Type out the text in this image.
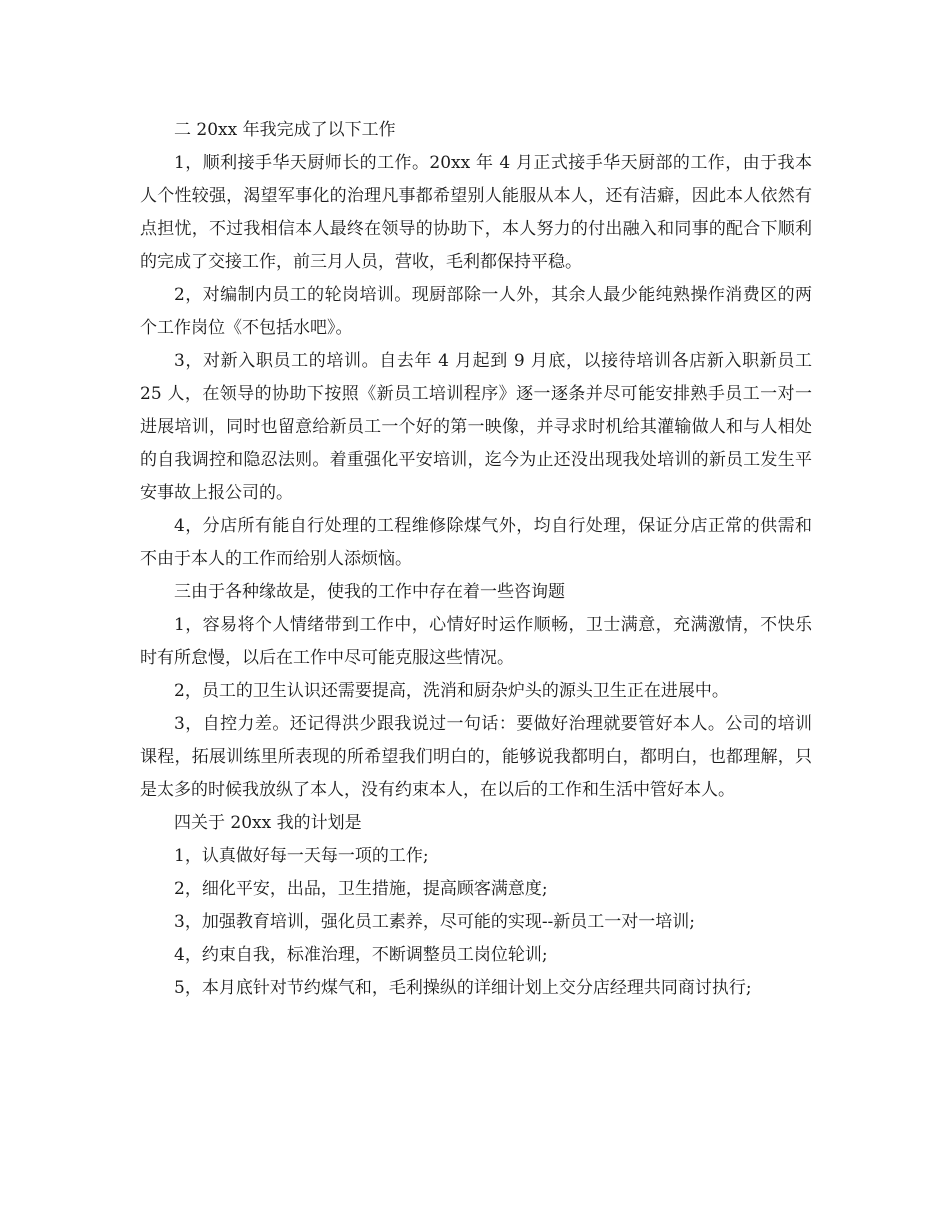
二 20xx 年我完成了以下工作

1，顺利接手华天厨师长的工作。20xx 年 4 月正式接手华天厨部的工作，由于我本人个性较强，渴望军事化的治理凡事都希望别人能服从本人，还有洁癖，因此本人依然有点担忧，不过我相信本人最终在领导的协助下，本人努力的付出融入和同事的配合下顺利的完成了交接工作，前三月人员，营收，毛利都保持平稳。

2，对编制内员工的轮岗培训。现厨部除一人外，其余人最少能纯熟操作消费区的两个工作岗位《不包括水吧》。

3，对新入职员工的培训。自去年 4 月起到 9 月底，以接待培训各店新入职新员工 25 人，在领导的协助下按照《新员工培训程序》逐一逐条并尽可能安排熟手员工一对一进展培训，同时也留意给新员工一个好的第一映像，并寻求时机给其灌输做人和与人相处的自我调控和隐忍法则。着重强化平安培训，迄今为止还没出现我处培训的新员工发生平安事故上报公司的。

4，分店所有能自行处理的工程维修除煤气外，均自行处理，保证分店正常的供需和不由于本人的工作而给别人添烦恼。

三由于各种缘故是，使我的工作中存在着一些咨询题

1，容易将个人情绪带到工作中，心情好时运作顺畅，卫士满意，充满激情，不快乐时有所怠慢，以后在工作中尽可能克服这些情况。

2，员工的卫生认识还需要提高，洗消和厨杂炉头的源头卫生正在进展中。

3，自控力差。还记得洪少跟我说过一句话：要做好治理就要管好本人。公司的培训课程，拓展训练里所表现的所希望我们明白的，能够说我都明白，都明白，也都理解，只是太多的时候我放纵了本人，没有约束本人，在以后的工作和生活中管好本人。

四关于 20xx 我的计划是

1，认真做好每一天每一项的工作;

2，细化平安，出品，卫生措施，提高顾客满意度;

3，加强教育培训，强化员工素养，尽可能的实现--新员工一对一培训;

4，约束自我，标准治理，不断调整员工岗位轮训;

5，本月底针对节约煤气和，毛利操纵的详细计划上交分店经理共同商讨执行;
